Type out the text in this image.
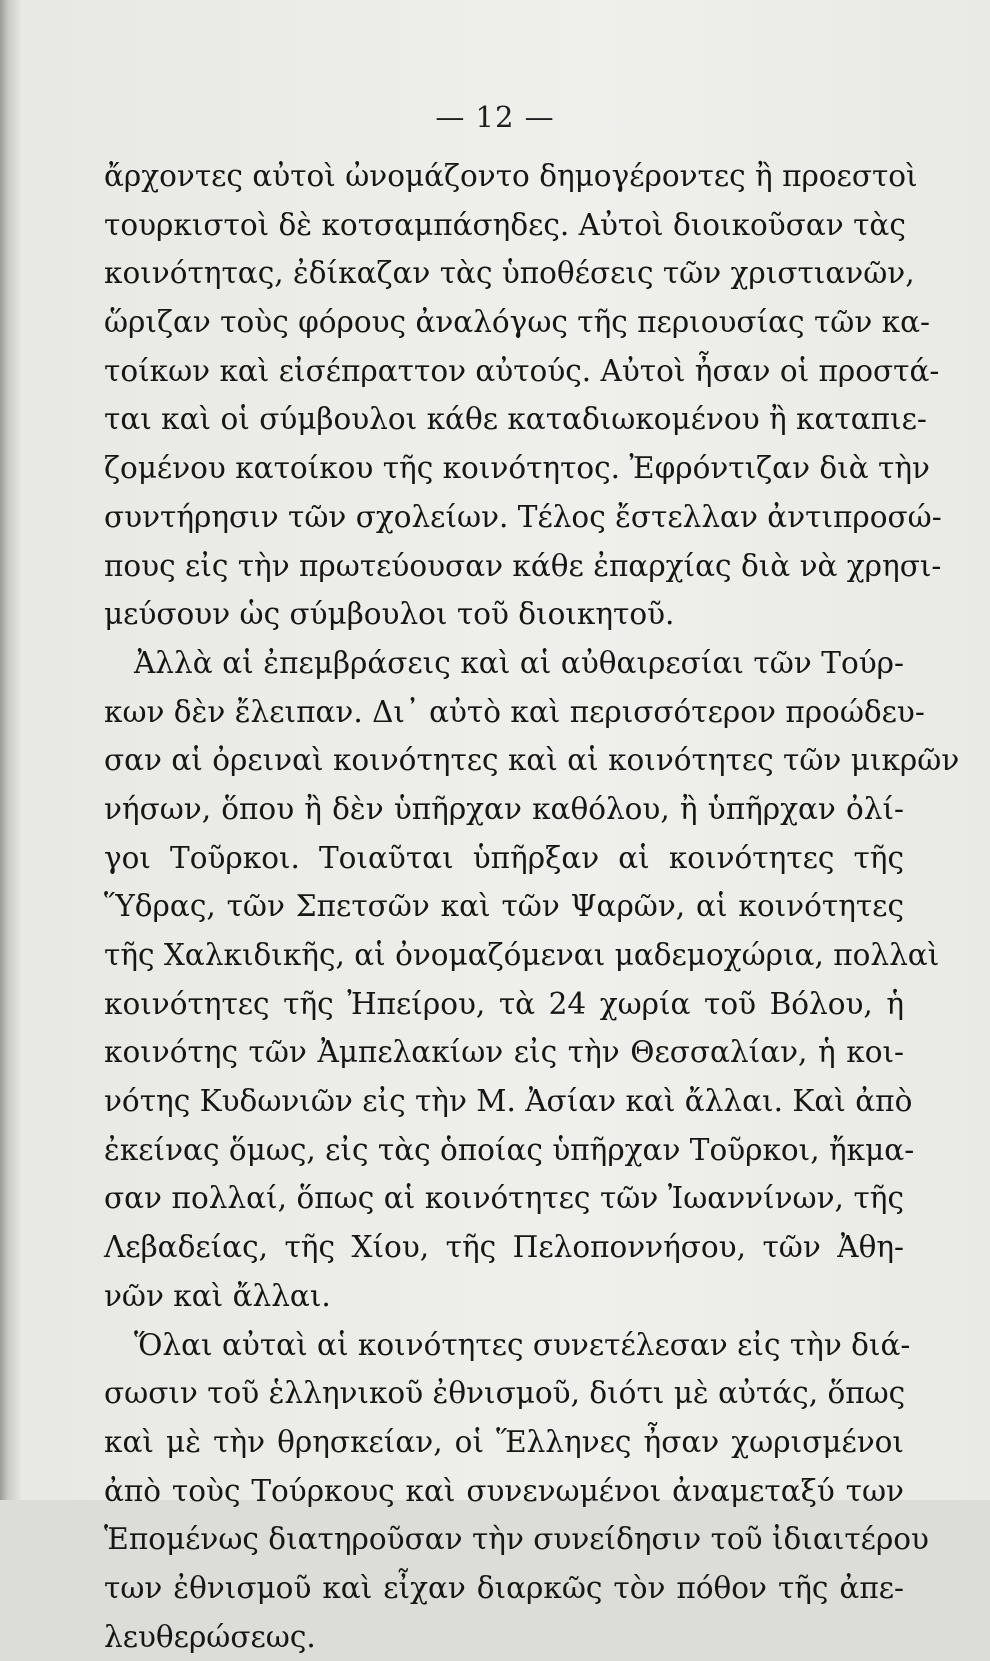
— 12 —
ἄρχοντες αὐτοὶ ὠνομάζοντο δημογέροντες ἢ προεστοὶ
τουρκιστοὶ δὲ κοτσαμπάσηδες. Αὐτοὶ διοικοῦσαν τὰς
κοινότητας, ἐδίκαζαν τὰς ὑποθέσεις τῶν χριστιανῶν,
ὥριζαν τοὺς φόρους ἀναλόγως τῆς περιουσίας τῶν κα-
τοίκων καὶ εἰσέπραττον αὐτούς. Αὐτοὶ ἦσαν οἱ προστά-
ται καὶ οἱ σύμβουλοι κάθε καταδιωκομένου ἢ καταπιε-
ζομένου κατοίκου τῆς κοινότητος. Ἐφρόντιζαν διὰ τὴν
συντήρησιν τῶν σχολείων. Τέλος ἔστελλαν ἀντιπροσώ-
πους εἰς τὴν πρωτεύουσαν κάθε ἐπαρχίας διὰ νὰ χρησι-
μεύσουν ὡς σύμβουλοι τοῦ διοικητοῦ.
Ἀλλὰ αἱ ἐπεμβράσεις καὶ αἱ αὐθαιρεσίαι τῶν Τούρ-
κων δὲν ἔλειπαν. Δι᾿ αὐτὸ καὶ περισσότερον προώδευ-
σαν αἱ ὀρειναὶ κοινότητες καὶ αἱ κοινότητες τῶν μικρῶν
νήσων, ὅπου ἢ δὲν ὑπῆρχαν καθόλου, ἢ ὑπῆρχαν ὀλί-
γοι Τοῦρκοι. Τοιαῦται ὑπῆρξαν αἱ κοινότητες τῆς
Ὕδρας, τῶν Σπετσῶν καὶ τῶν Ψαρῶν, αἱ κοινότητες
τῆς Χαλκιδικῆς, αἱ ὀνομαζόμεναι μαδεμοχώρια, πολλαὶ
κοινότητες τῆς Ἠπείρου, τὰ 24 χωρία τοῦ Βόλου, ἡ
κοινότης τῶν Ἀμπελακίων εἰς τὴν Θεσσαλίαν, ἡ κοι-
νότης Κυδωνιῶν εἰς τὴν Μ. Ἀσίαν καὶ ἄλλαι. Καὶ ἀπὸ
ἐκείνας ὅμως, εἰς τὰς ὁποίας ὑπῆρχαν Τοῦρκοι, ἤκμα-
σαν πολλαί, ὅπως αἱ κοινότητες τῶν Ἰωαννίνων, τῆς
Λεβαδείας, τῆς Χίου, τῆς Πελοποννήσου, τῶν Ἀθη-
νῶν καὶ ἄλλαι.
Ὅλαι αὐταὶ αἱ κοινότητες συνετέλεσαν εἰς τὴν διά-
σωσιν τοῦ ἑλληνικοῦ ἐθνισμοῦ, διότι μὲ αὐτάς, ὅπως
καὶ μὲ τὴν θρησκείαν, οἱ Ἕλληνες ἦσαν χωρισμένοι
ἀπὸ τοὺς Τούρκους καὶ συνενωμένοι ἀναμεταξύ των
Ἑπομένως διατηροῦσαν τὴν συνείδησιν τοῦ ἰδιαιτέρου
των ἐθνισμοῦ καὶ εἶχαν διαρκῶς τὸν πόθον τῆς ἀπε-
λευθερώσεως.
